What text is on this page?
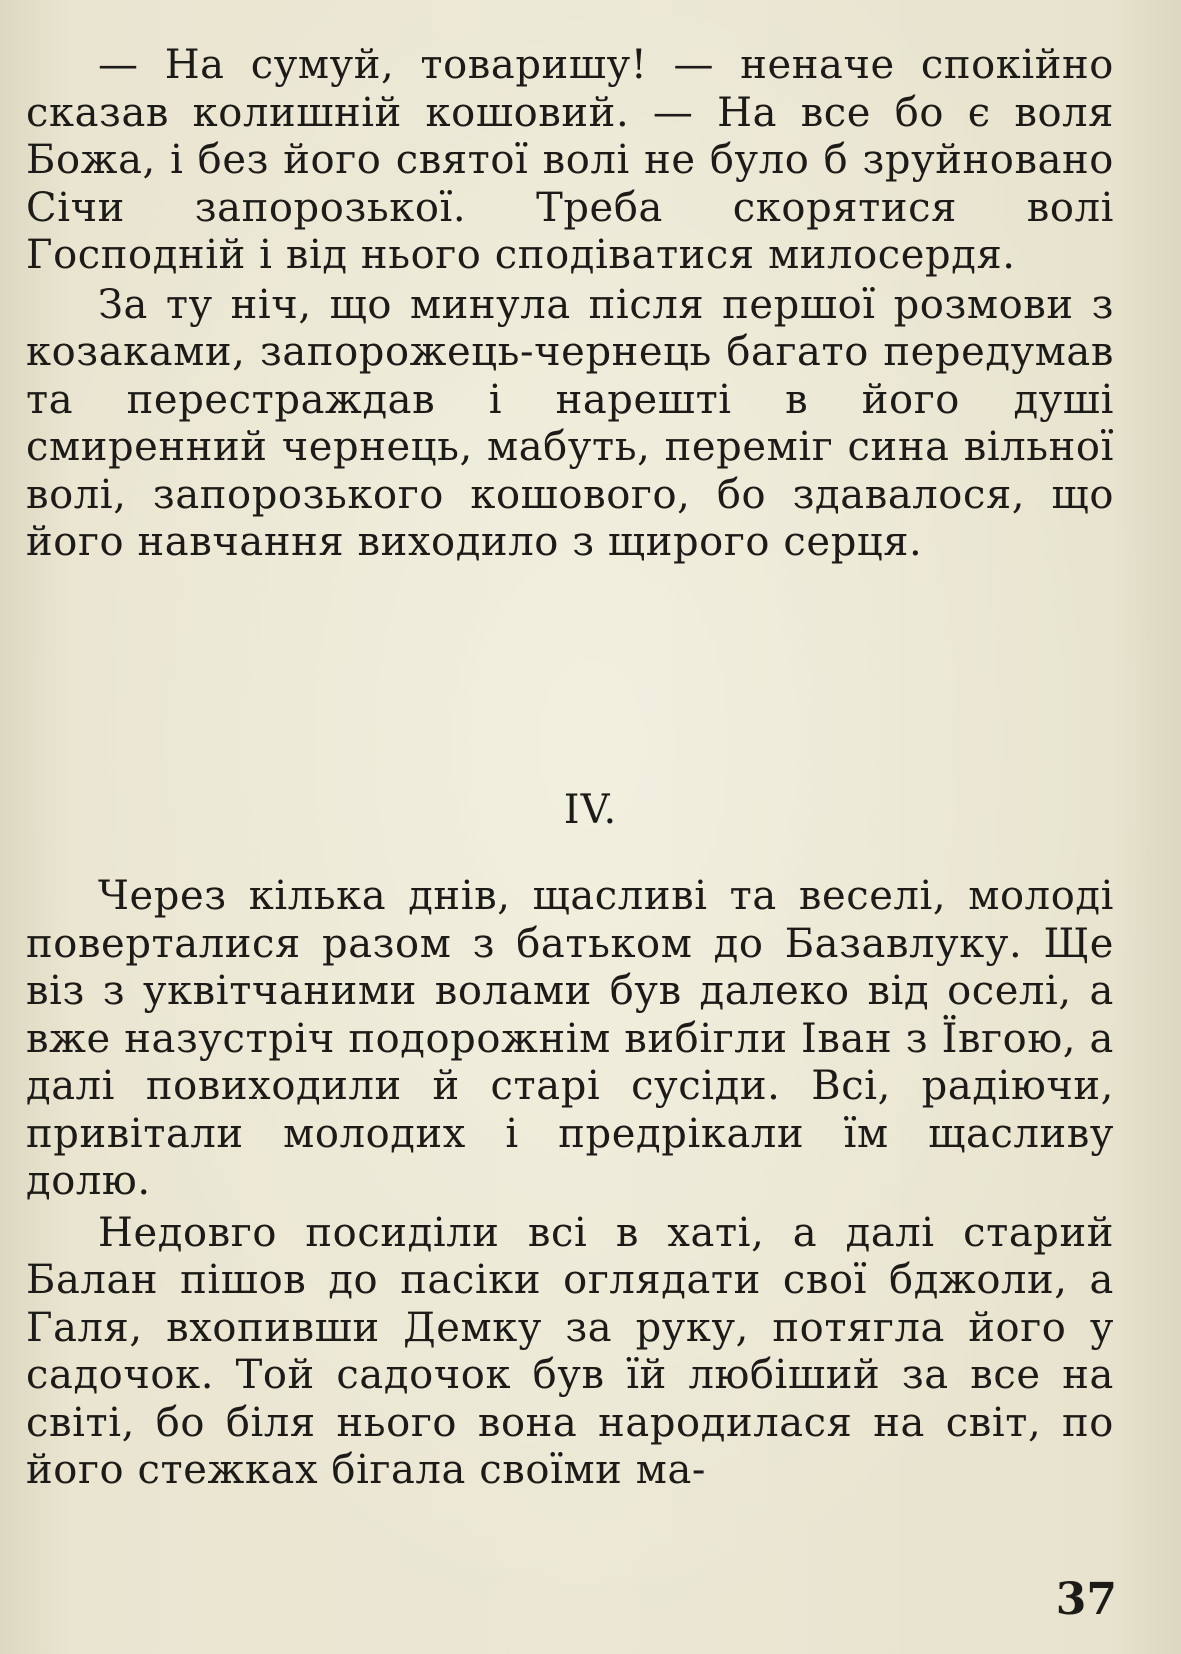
— На сумуй, товаришу! — неначе спокійно сказав колишній кошовий. — На все бо є воля Божа, і без його святої волі не було б зруйновано Січи запорозької. Треба скорятися волі Господній і від нього сподіватися милосердя.

За ту ніч, що минула після першої розмови з козаками, запорожець-чернець багато передумав та перестраждав і нарешті в його душі смиренний чернець, мабуть, переміг сина вільної волі, запорозького кошового, бо здавалося, що його навчання виходило з щирого серця.

IV.

Через кілька днів, щасливі та веселі, молоді поверталися разом з батьком до Базавлуку. Ще віз з уквітчаними волами був далеко від оселі, а вже назустріч подорожнім вибігли Іван з Ївгою, а далі повиходили й старі сусіди. Всі, радіючи, привітали молодих і предрікали їм щасливу долю.

Недовго посиділи всі в хаті, а далі старий Балан пішов до пасіки оглядати свої бджоли, а Галя, вхопивши Демку за руку, потягла його у садочок. Той садочок був їй любіший за все на світі, бо біля нього вона народилася на світ, по його стежках бігала своїми ма-

37
